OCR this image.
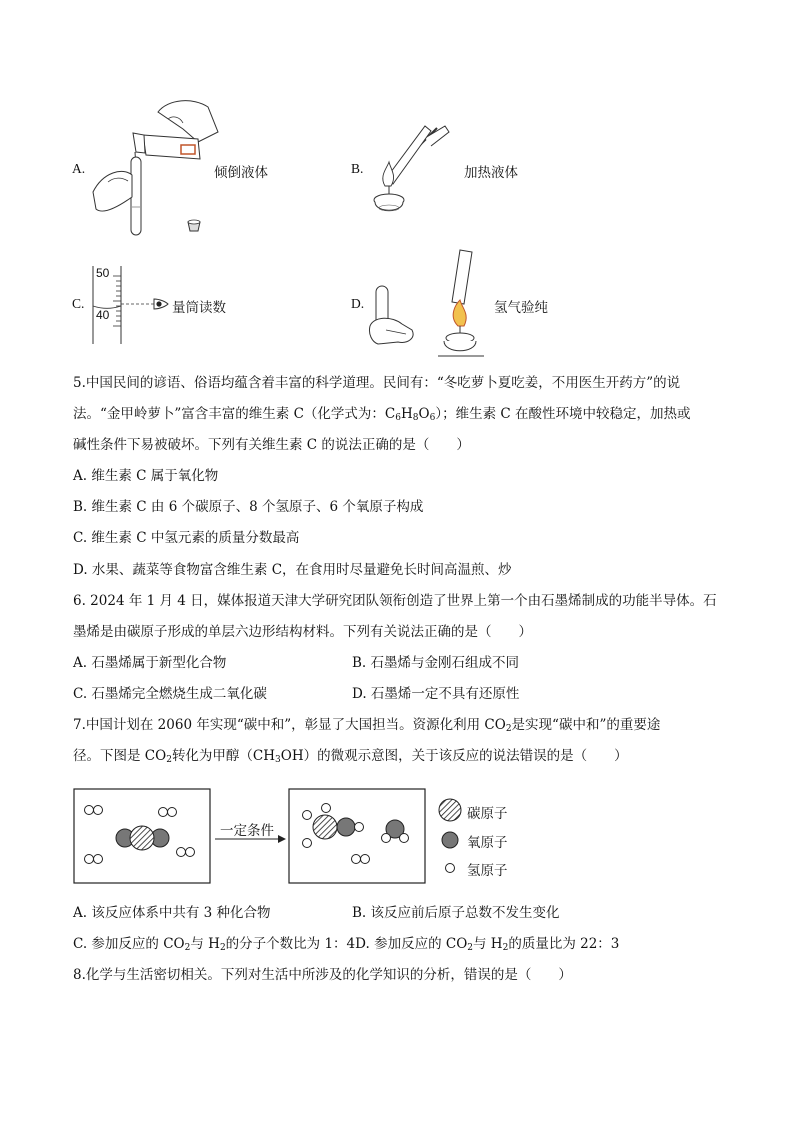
A.	倾倒液体	B.	加热液体
C.
50
40	量筒读数	D.	氢气验纯
5.中国民间的谚语、俗语均蕴含着丰富的科学道理。民间有：“冬吃萝卜夏吃姜，不用医生开药方”的说
法。“金甲岭萝卜”富含丰富的维生素 C（化学式为：$C_6H_8O_6$）；维生素 C 在酸性环境中较稳定，加热或
碱性条件下易被破坏。下列有关维生素 C 的说法正确的是（　　）
A. 维生素 C 属于氧化物
B. 维生素 C 由 6 个碳原子、8 个氢原子、6 个氧原子构成
C. 维生素 C 中氢元素的质量分数最高
D. 水果、蔬菜等食物富含维生素 C，在食用时尽量避免长时间高温煎、炒
6. 2024 年 1 月 4 日，媒体报道天津大学研究团队领衔创造了世界上第一个由石墨烯制成的功能半导体。石
墨烯是由碳原子形成的单层六边形结构材料。下列有关说法正确的是（　　）
A. 石墨烯属于新型化合物	B. 石墨烯与金刚石组成不同
C. 石墨烯完全燃烧生成二氧化碳	D. 石墨烯一定不具有还原性
7.中国计划在 2060 年实现“碳中和”，彰显了大国担当。资源化利用 $CO_2$是实现“碳中和”的重要途
径。下图是 $CO_2$转化为甲醇$(CH_3OH)$的微观示意图，关于该反应的说法错误的是（　　）
一定条件
碳原子
氧原子
氢原子
A. 该反应体系中共有 3 种化合物	B. 该反应前后原子总数不发生变化
C. 参加反应的 $CO_2$与 $H_2$的分子个数比为 1：4D. 参加反应的 $CO_2$与 $H_2$的质量比为 22：3
8.化学与生活密切相关。下列对生活中所涉及的化学知识的分析，错误的是（　　）
